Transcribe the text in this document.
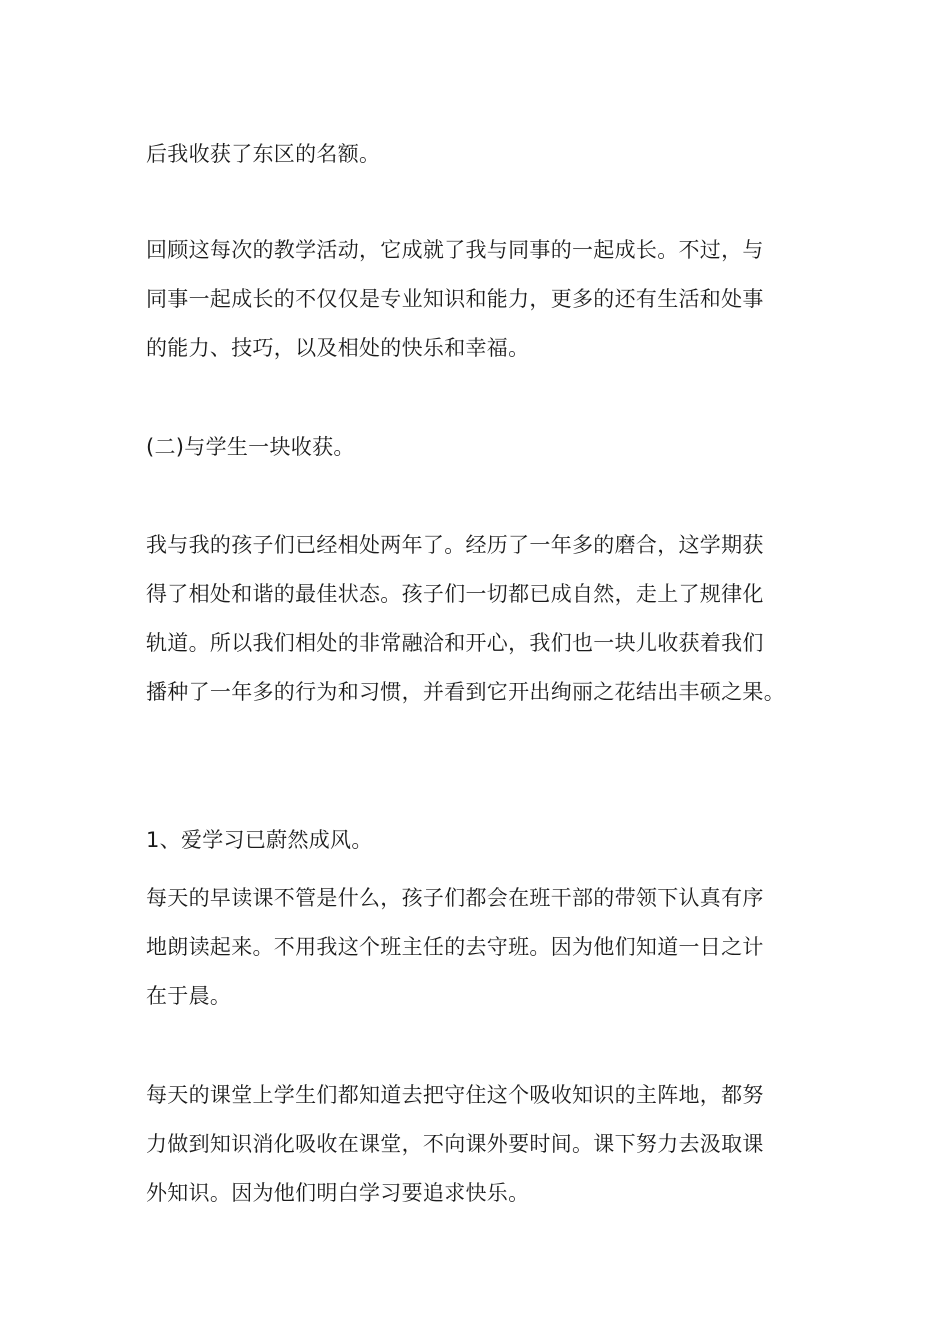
后我收获了东区的名额。

回顾这每次的教学活动，它成就了我与同事的一起成长。不过，与
同事一起成长的不仅仅是专业知识和能力，更多的还有生活和处事
的能力、技巧，以及相处的快乐和幸福。

(二)与学生一块收获。

我与我的孩子们已经相处两年了。经历了一年多的磨合，这学期获
得了相处和谐的最佳状态。孩子们一切都已成自然，走上了规律化
轨道。所以我们相处的非常融洽和开心，我们也一块儿收获着我们
播种了一年多的行为和习惯，并看到它开出绚丽之花结出丰硕之果。

1、爱学习已蔚然成风。

每天的早读课不管是什么，孩子们都会在班干部的带领下认真有序
地朗读起来。不用我这个班主任的去守班。因为他们知道一日之计
在于晨。

每天的课堂上学生们都知道去把守住这个吸收知识的主阵地，都努
力做到知识消化吸收在课堂，不向课外要时间。课下努力去汲取课
外知识。因为他们明白学习要追求快乐。
